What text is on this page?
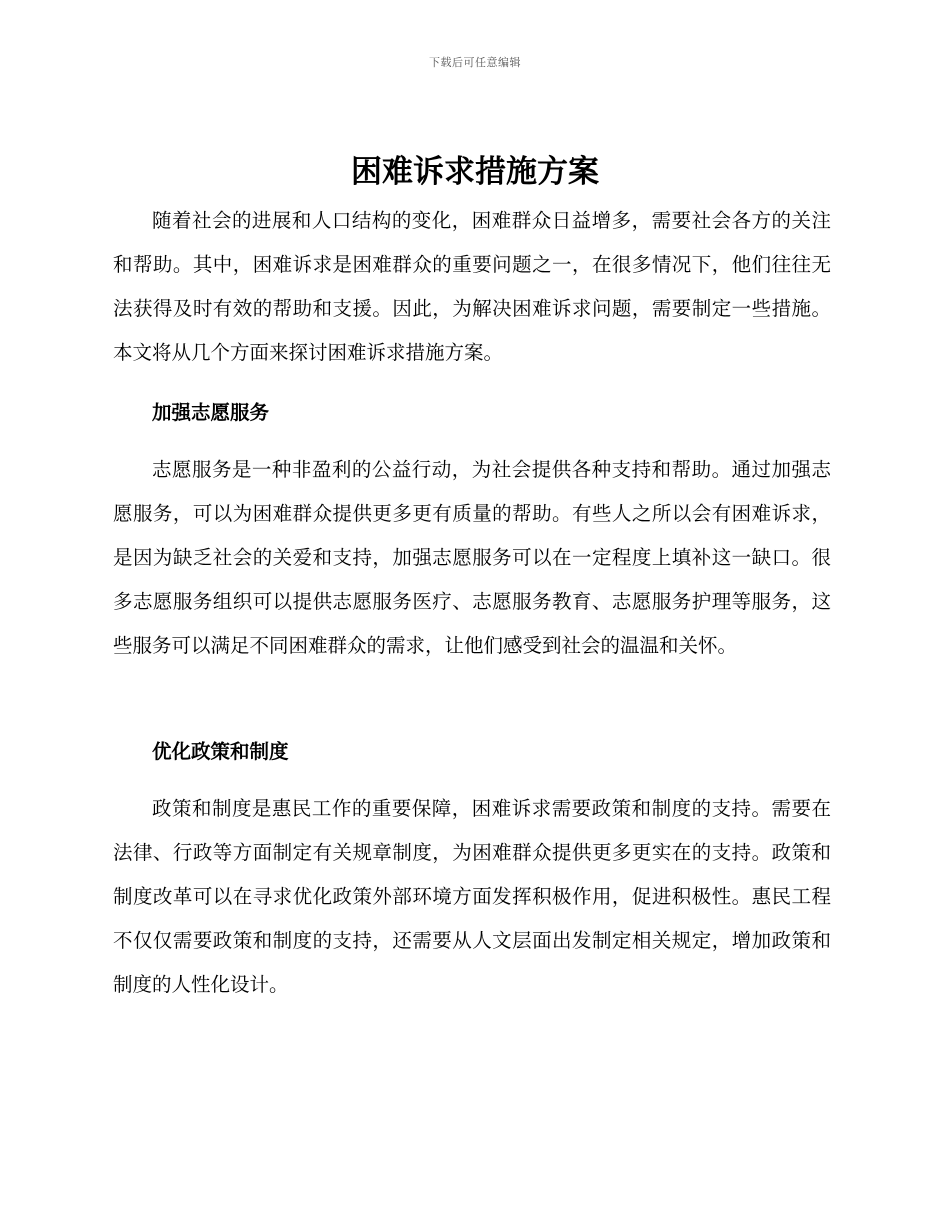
下载后可任意编辑
困难诉求措施方案

随着社会的进展和人口结构的变化，困难群众日益增多，需要社会各方的关注和帮助。其中，困难诉求是困难群众的重要问题之一，在很多情况下，他们往往无法获得及时有效的帮助和支援。因此，为解决困难诉求问题，需要制定一些措施。本文将从几个方面来探讨困难诉求措施方案。

加强志愿服务

志愿服务是一种非盈利的公益行动，为社会提供各种支持和帮助。通过加强志愿服务，可以为困难群众提供更多更有质量的帮助。有些人之所以会有困难诉求，是因为缺乏社会的关爱和支持，加强志愿服务可以在一定程度上填补这一缺口。很多志愿服务组织可以提供志愿服务医疗、志愿服务教育、志愿服务护理等服务，这些服务可以满足不同困难群众的需求，让他们感受到社会的温温和关怀。

优化政策和制度

政策和制度是惠民工作的重要保障，困难诉求需要政策和制度的支持。需要在法律、行政等方面制定有关规章制度，为困难群众提供更多更实在的支持。政策和制度改革可以在寻求优化政策外部环境方面发挥积极作用，促进积极性。惠民工程不仅仅需要政策和制度的支持，还需要从人文层面出发制定相关规定，增加政策和制度的人性化设计。
